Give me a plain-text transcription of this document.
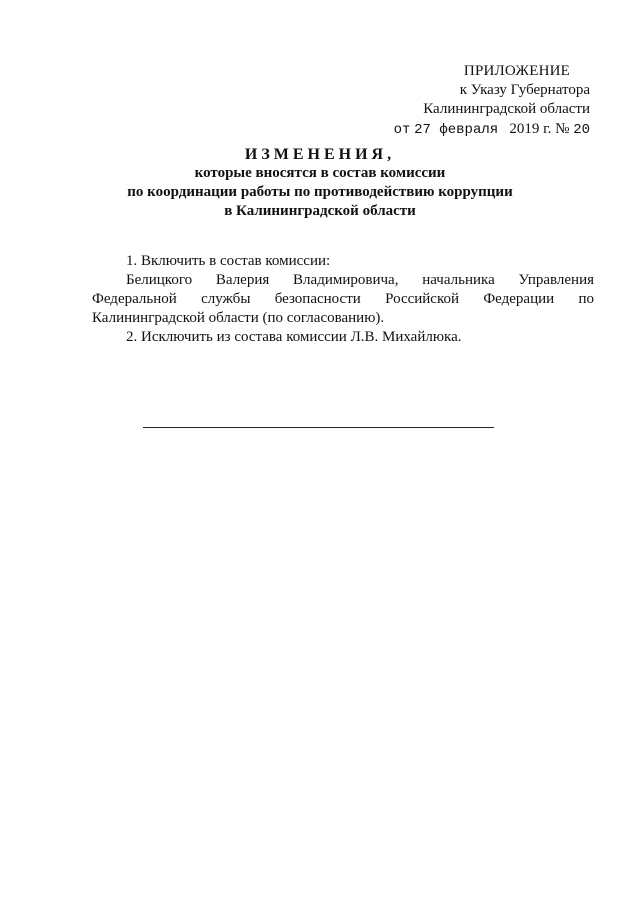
ПРИЛОЖЕНИЕ
к Указу Губернатора
Калининградской области
от 27 февраля 2019 г. № 20
ИЗМЕНЕНИЯ,
которые вносятся в состав комиссии
по координации работы по противодействию коррупции
в Калининградской области

1. Включить в состав комиссии:

Белицкого Валерия Владимировича, начальника Управления Федеральной службы безопасности Российской Федерации по Калининградской области (по согласованию).

2. Исключить из состава комиссии Л.В. Михайлюка.
